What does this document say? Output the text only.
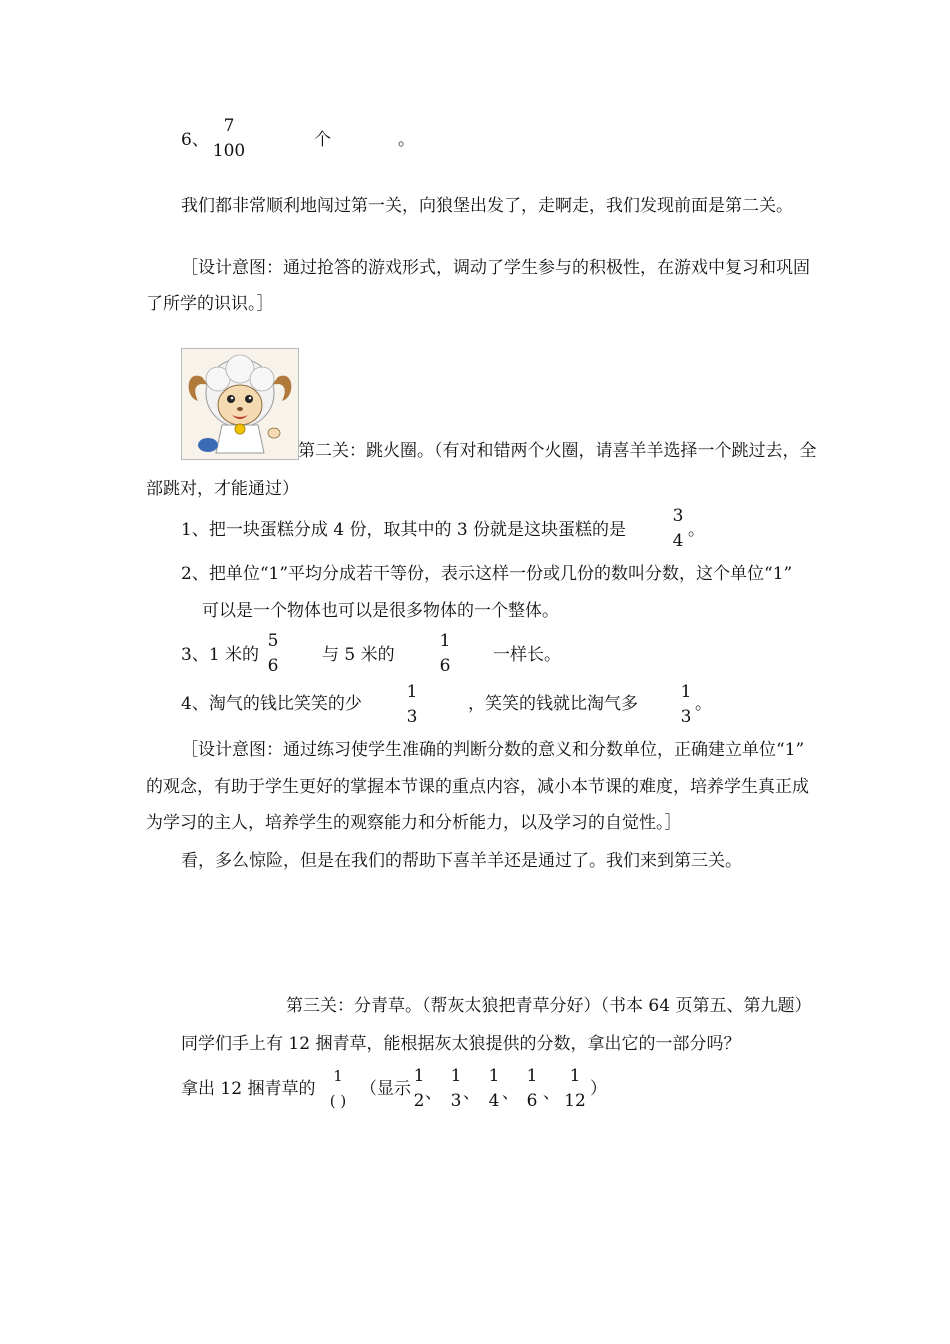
6、
7
100
个	。
我们都非常顺利地闯过第一关，向狼堡出发了，走啊走，我们发现前面是第二关。
［设计意图：通过抢答的游戏形式，调动了学生参与的积极性，在游戏中复习和巩固
了所学的识识。］
第二关：跳火圈。（有对和错两个火圈，请喜羊羊选择一个跳过去，全
部跳对，才能通过）
1、把一块蛋糕分成 4 份，取其中的 3 份就是这块蛋糕的是
3
4
。
2、把单位“1”平均分成若干等份，表示这样一份或几份的数叫分数，这个单位“1”
可以是一个物体也可以是很多物体的一个整体。
3、1 米的
5
6
与 5 米的
1
6
一样长。
4、淘气的钱比笑笑的少
1
3
，笑笑的钱就比淘气多
1
3
。
［设计意图：通过练习使学生准确的判断分数的意义和分数单位，正确建立单位“1”
的观念，有助于学生更好的掌握本节课的重点内容，减小本节课的难度，培养学生真正成
为学习的主人，培养学生的观察能力和分析能力，以及学习的自觉性。］
看，多么惊险，但是在我们的帮助下喜羊羊还是通过了。我们来到第三关。
第三关：分青草。（帮灰太狼把青草分好）（书本 64 页第五、第九题）
同学们手上有 12 捆青草，能根据灰太狼提供的分数，拿出它的一部分吗？
拿出 12 捆青草的
1
( )
（显示
1
2 、
1
3 、
1
4 、
1
6 、
1
12
）
